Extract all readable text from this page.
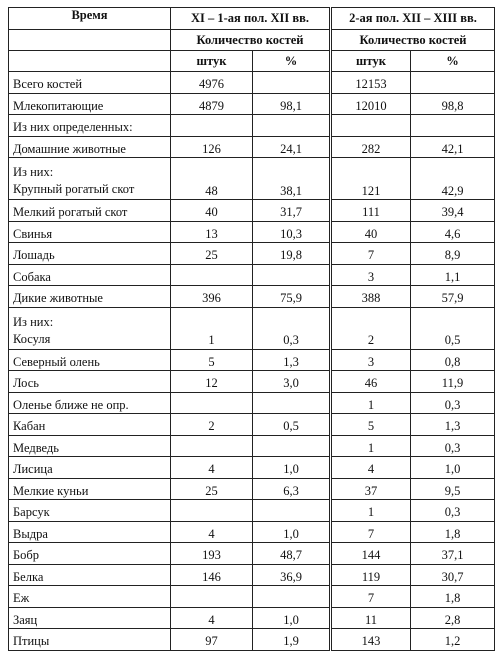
Время	XI – 1-ая пол. XII вв.		2-ая пол. XII – XIII вв.	
	Количество костей		Количество костей	
	штук	%	штук	%
Всего костей	4976		12153	
Млекопитающие	4879	98,1	12010	98,8
Из них определенных:				
Домашние животные	126	24,1	282	42,1

Из них:
Крупный рогатый скот	48	38,1	121	42,9
Мелкий рогатый скот	40	31,7	111	39,4
Свинья	13	10,3	40	4,6
Лошадь	25	19,8	7	8,9
Собака			3	1,1
Дикие животные	396	75,9	388	57,9

Из них:
Косуля	1	0,3	2	0,5
Северный олень	5	1,3	3	0,8
Лось	12	3,0	46	11,9
Оленье ближе не опр.			1	0,3
Кабан	2	0,5	5	1,3
Медведь			1	0,3
Лисица	4	1,0	4	1,0
Мелкие куньи	25	6,3	37	9,5
Барсук			1	0,3
Выдра	4	1,0	7	1,8
Бобр	193	48,7	144	37,1
Белка	146	36,9	119	30,7
Еж			7	1,8
Заяц	4	1,0	11	2,8
Птицы	97	1,9	143	1,2
